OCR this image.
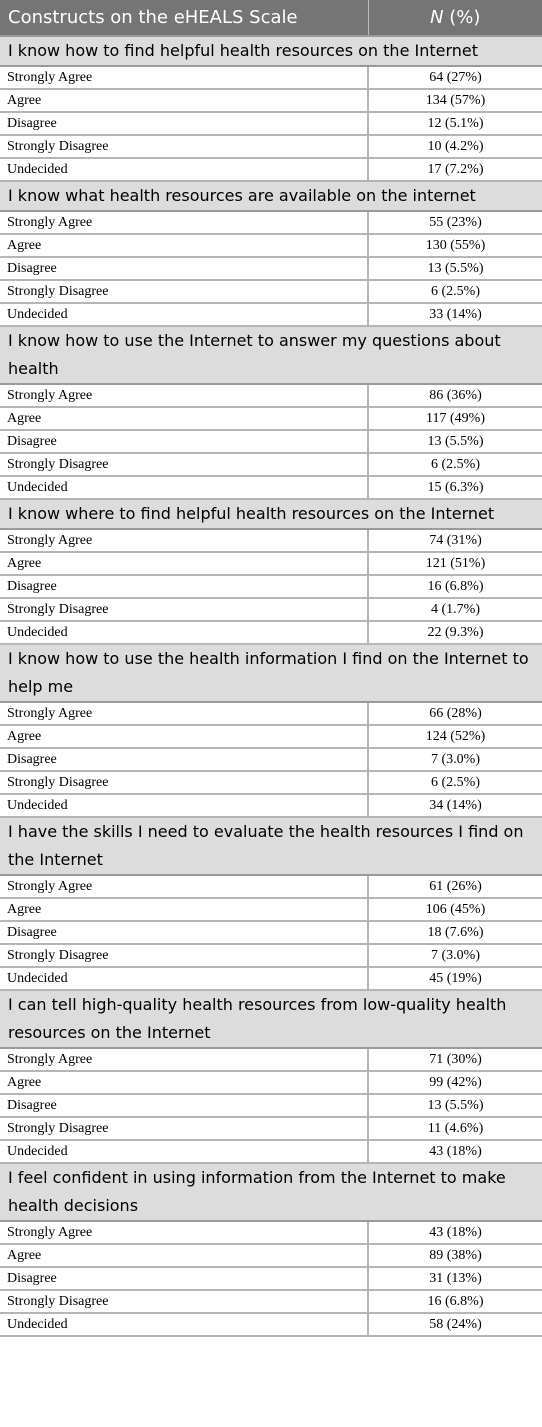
Constructs on the eHEALS Scale	N (%)
I know how to find helpful health resources on the Internet	
Strongly Agree	64 (27%)
Agree	134 (57%)
Disagree	12 (5.1%)
Strongly Disagree	10 (4.2%)
Undecided	17 (7.2%)
I know what health resources are available on the internet	
Strongly Agree	55 (23%)
Agree	130 (55%)
Disagree	13 (5.5%)
Strongly Disagree	6 (2.5%)
Undecided	33 (14%)
I know how to use the Internet to answer my questions about health	
Strongly Agree	86 (36%)
Agree	117 (49%)
Disagree	13 (5.5%)
Strongly Disagree	6 (2.5%)
Undecided	15 (6.3%)
I know where to find helpful health resources on the Internet	
Strongly Agree	74 (31%)
Agree	121 (51%)
Disagree	16 (6.8%)
Strongly Disagree	4 (1.7%)
Undecided	22 (9.3%)
I know how to use the health information I find on the Internet to help me	
Strongly Agree	66 (28%)
Agree	124 (52%)
Disagree	7 (3.0%)
Strongly Disagree	6 (2.5%)
Undecided	34 (14%)
I have the skills I need to evaluate the health resources I find on the Internet	
Strongly Agree	61 (26%)
Agree	106 (45%)
Disagree	18 (7.6%)
Strongly Disagree	7 (3.0%)
Undecided	45 (19%)
I can tell high-quality health resources from low-quality health resources on the Internet	
Strongly Agree	71 (30%)
Agree	99 (42%)
Disagree	13 (5.5%)
Strongly Disagree	11 (4.6%)
Undecided	43 (18%)
I feel confident in using information from the Internet to make health decisions	
Strongly Agree	43 (18%)
Agree	89 (38%)
Disagree	31 (13%)
Strongly Disagree	16 (6.8%)
Undecided	58 (24%)
